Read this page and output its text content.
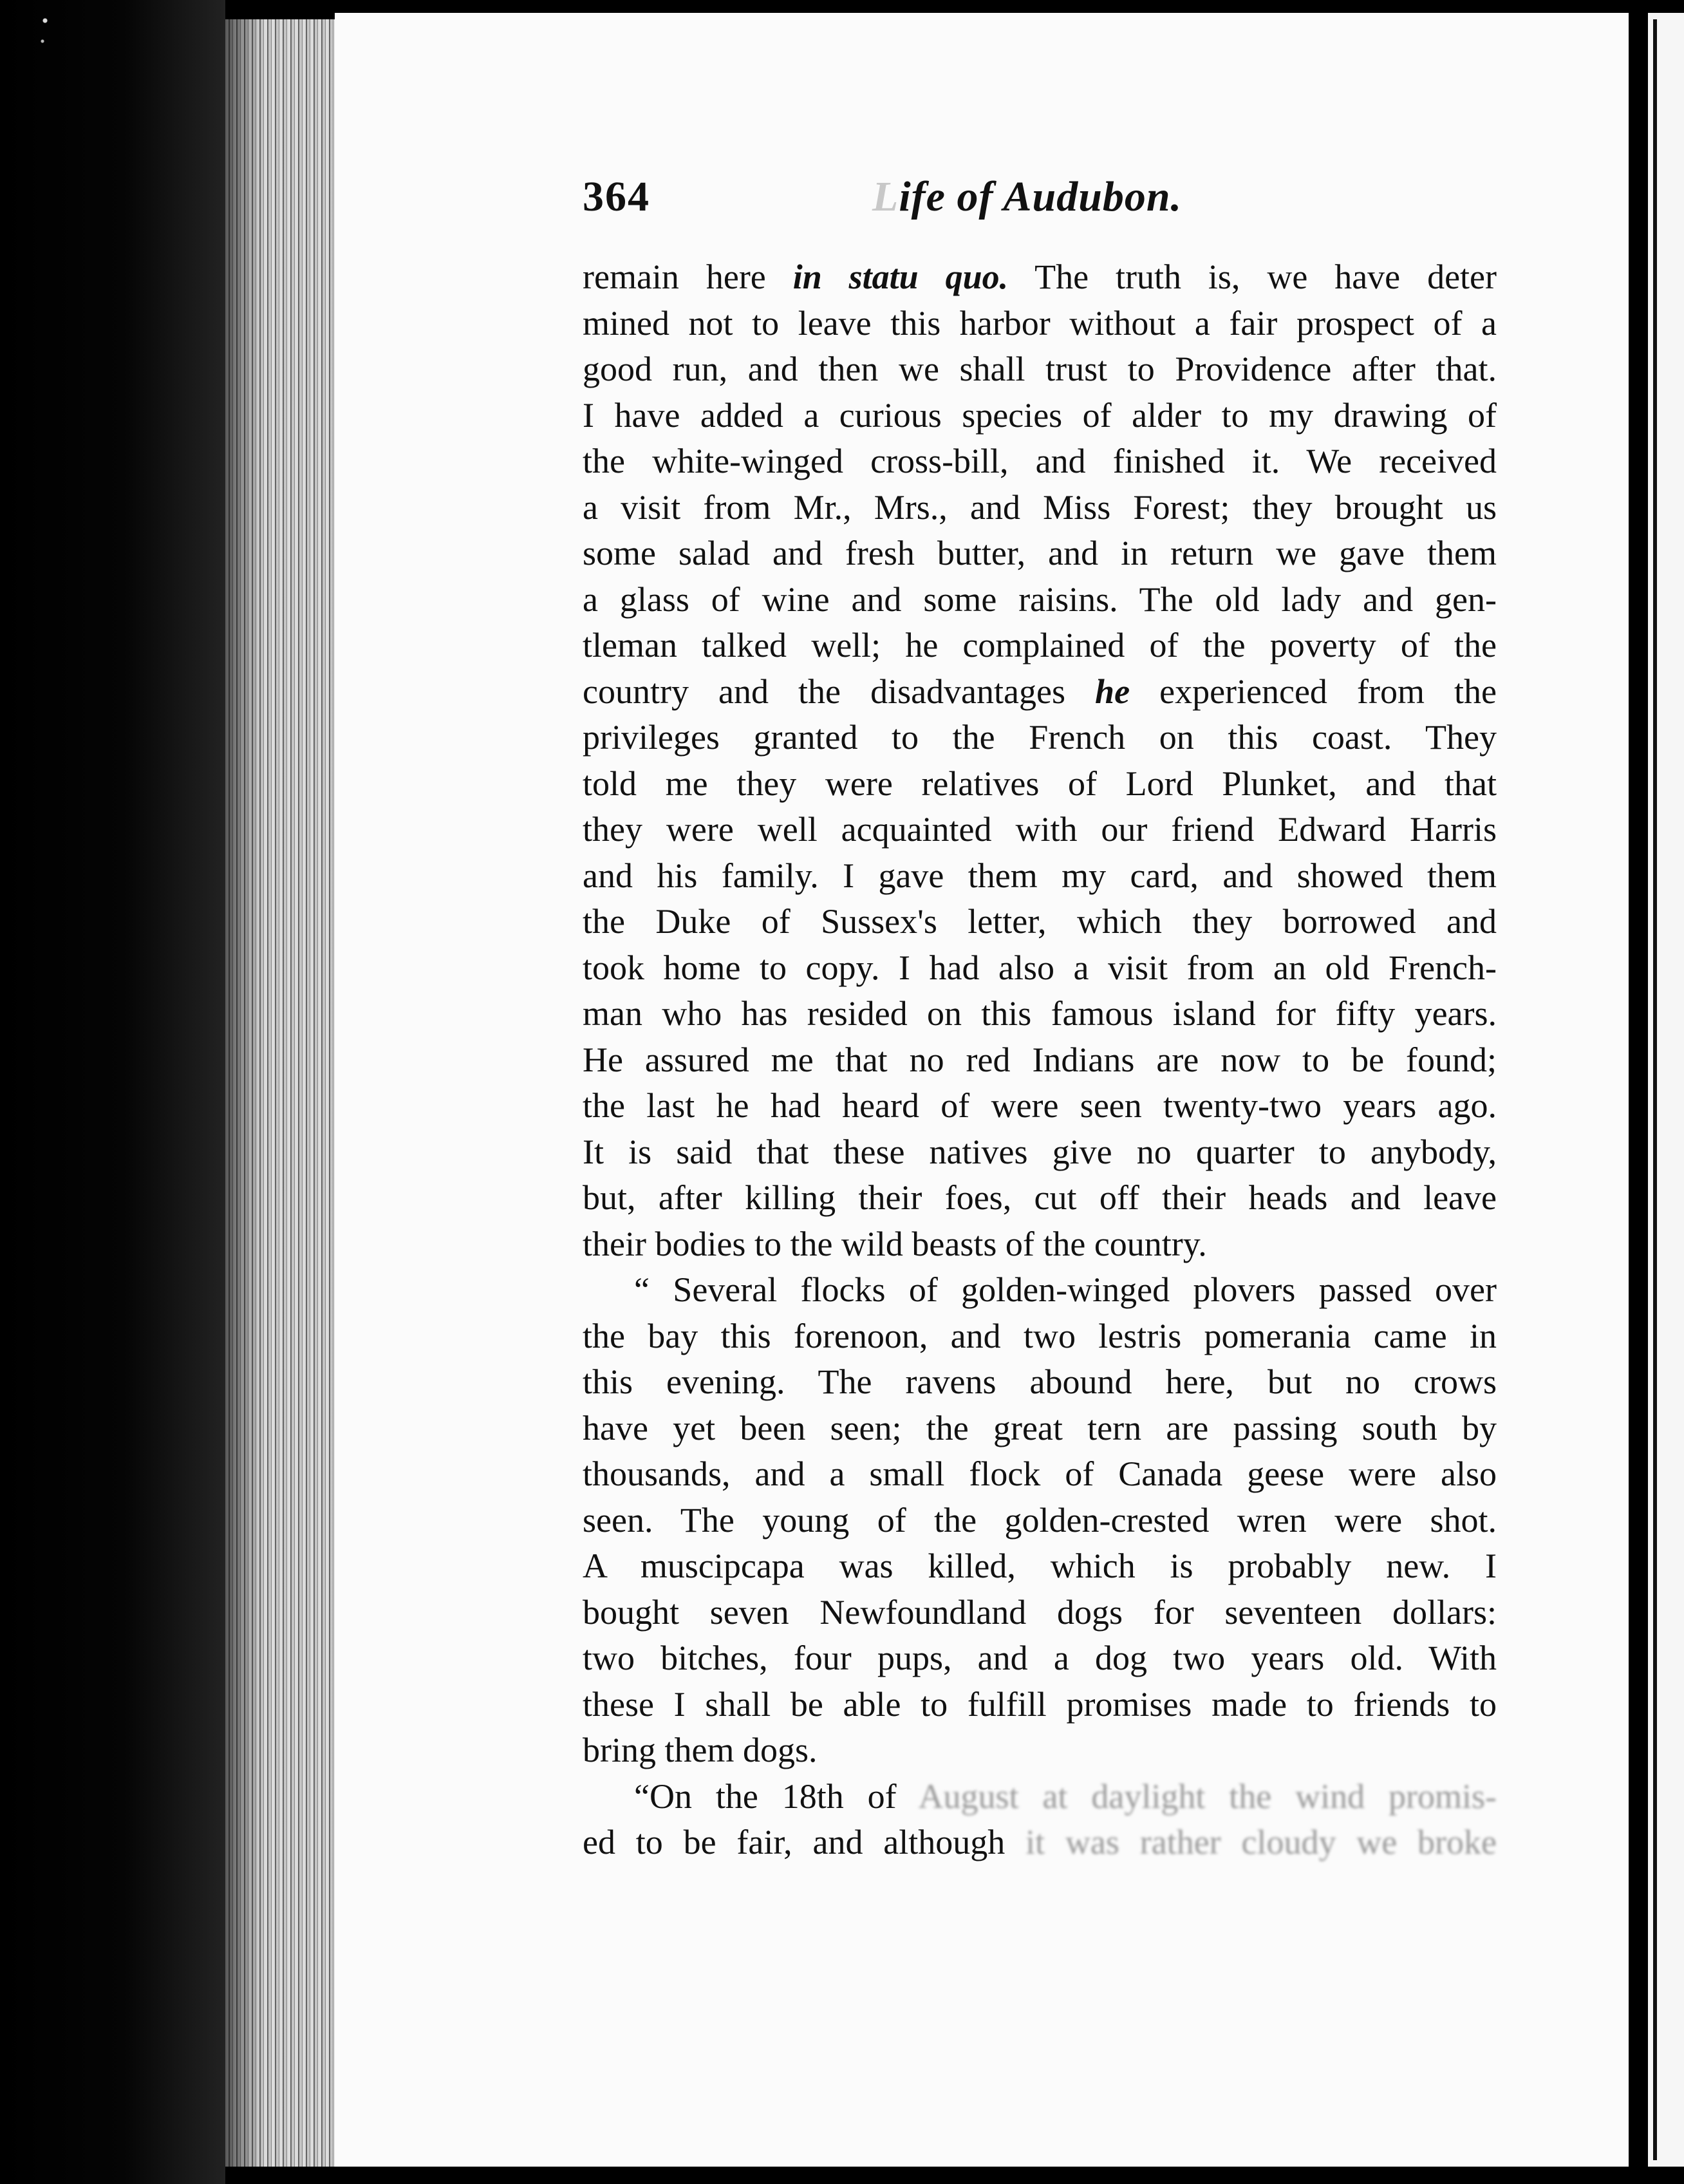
364	Life of Audubon.
remain here in statu quo. The truth is, we have deter
mined not to leave this harbor without a fair prospect of a
good run, and then we shall trust to Providence after that.
I have added a curious species of alder to my drawing of
the white-winged cross-bill, and finished it. We received
a visit from Mr., Mrs., and Miss Forest; they brought us
some salad and fresh butter, and in return we gave them
a glass of wine and some raisins. The old lady and gen-
tleman talked well; he complained of the poverty of the
country and the disadvantages he experienced from the
privileges granted to the French on this coast. They
told me they were relatives of Lord Plunket, and that
they were well acquainted with our friend Edward Harris
and his family. I gave them my card, and showed them
the Duke of Sussex's letter, which they borrowed and
took home to copy. I had also a visit from an old French-
man who has resided on this famous island for fifty years.
He assured me that no red Indians are now to be found;
the last he had heard of were seen twenty-two years ago.
It is said that these natives give no quarter to anybody,
but, after killing their foes, cut off their heads and leave
their bodies to the wild beasts of the country.
“ Several flocks of golden-winged plovers passed over
the bay this forenoon, and two lestris pomerania came in
this evening. The ravens abound here, but no crows
have yet been seen; the great tern are passing south by
thousands, and a small flock of Canada geese were also
seen. The young of the golden-crested wren were shot.
A muscipcapa was killed, which is probably new. I
bought seven Newfoundland dogs for seventeen dollars:
two bitches, four pups, and a dog two years old. With
these I shall be able to fulfill promises made to friends to
bring them dogs.
“On the 18th of August at daylight the wind promis-
ed to be fair, and although it was rather cloudy we broke
